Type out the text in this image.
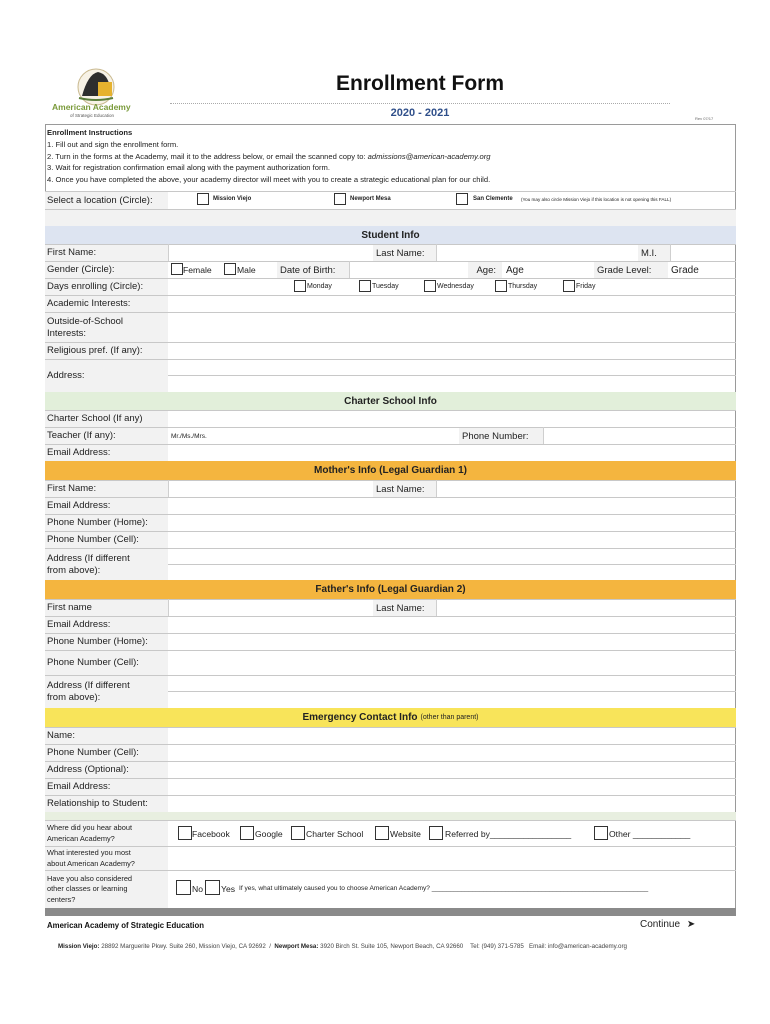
American Academy
of Strategic Education
Enrollment Form
2020 - 2021	Rev 07/17
Enrollment Instructions
1. Fill out and sign the enrollment form.
2. Turn in the forms at the Academy, mail it to the address below, or email the scanned copy to: admissions@american-academy.org
3. Wait for registration confirmation email along with the payment authorization form.
4. Once you have completed the above, your academy director will meet with you to create a strategic educational plan for our child.
Select a location (Circle):	Mission Viejo	Newport Mesa	San Clemente (You may also circle Mission Viejo if this location is not opening this FALL)
Student Info
First Name:	Last Name:	M.I.
Gender (Circle):	Female	Male	Date of Birth:	Age:	Age	Grade Level:	Grade
Days enrolling (Circle):	Monday	Tuesday	Wednesday	Thursday	Friday
Academic Interests:
Outside-of-School
Interests:
Religious pref. (If any):
Address:
Charter School Info
Charter School (If any)
Teacher (If any):	Mr./Ms./Mrs.	Phone Number:
Email Address:
Mother's Info (Legal Guardian 1)
First Name:	Last Name:
Email Address:
Phone Number (Home):
Phone Number (Cell):
Address (If different
from above):
Father's Info (Legal Guardian 2)
First name	Last Name:
Email Address:
Phone Number (Home):
Phone Number (Cell):
Address (If different
from above):
Emergency Contact Info (other than parent)
Name:
Phone Number (Cell):
Address (Optional):
Email Address:
Relationship to Student:
Where did you hear about
American Academy?	Facebook	Google	Charter School	Website	Referred by_________________	Other ____________
What interested you most
about American Academy?
Have you also considered
other classes or learning
centers?
No Yes If yes, what ultimately caused you to choose American Academy? ___________________________________________________________
American Academy of Strategic Education	Continue ➤
Mission Viejo: 28892 Marguerite Pkwy. Suite 260, Mission Viejo, CA 92692 / Newport Mesa: 3920 Birch St. Suite 105, Newport Beach, CA 92660 Tel: (949) 371-5785 Email: info@american-academy.org
